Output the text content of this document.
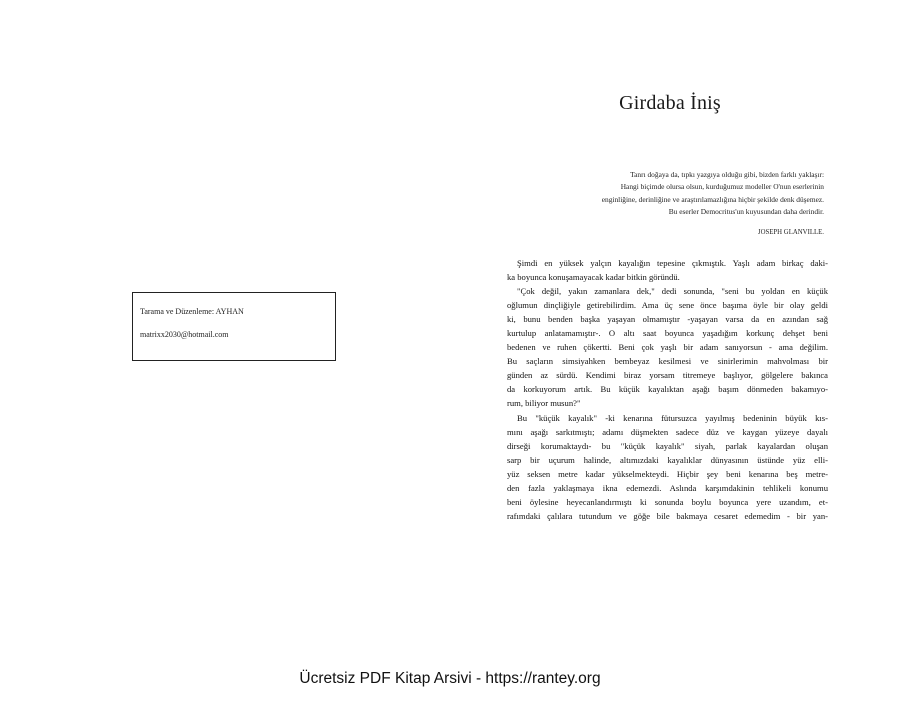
Girdaba İniş
Tanrı doğaya da, tıpkı yazgıya olduğu gibi, bizden farklı yaklaşır:
Hangi biçimde olursa olsun, kurduğumuz modeller O'nun eserlerinin
enginliğine, derinliğine ve araştırılamazlığına hiçbir şekilde denk düşemez.
Bu eserler Democritus'un kuyusundan daha derindir.
JOSEPH GLANVILLE.
Şimdi en yüksek yalçın kayalığın tepesine çıkmıştık. Yaşlı adam birkaç daki-
ka boyunca konuşamayacak kadar bitkin göründü.
"Çok değil, yakın zamanlara dek," dedi sonunda, "seni bu yoldan en küçük
oğlumun dinçliğiyle getirebilirdim. Ama üç sene önce başıma öyle bir olay geldi
ki, bunu benden başka yaşayan olmamıştır -yaşayan varsa da en azından sağ
kurtulup anlatamamıştır-. O altı saat boyunca yaşadığım korkunç dehşet beni
bedenen ve ruhen çökertti. Beni çok yaşlı bir adam sanıyorsun - ama değilim.
Bu saçların simsiyahken bembeyaz kesilmesi ve sinirlerimin mahvolması bir
günden az sürdü. Kendimi biraz yorsam titremeye başlıyor, gölgelere bakınca
da korkuyorum artık. Bu küçük kayalıktan aşağı başım dönmeden bakamıyo-
rum, biliyor musun?"
Bu "küçük kayalık" -ki kenarına fütursuzca yayılmış bedeninin büyük kıs-
mını aşağı sarkıtmıştı; adamı düşmekten sadece düz ve kaygan yüzeye dayalı
dirseği korumaktaydı- bu "küçük kayalık" siyah, parlak kayalardan oluşan
sarp bir uçurum halinde, altımızdaki kayalıklar dünyasının üstünde yüz elli-
yüz seksen metre kadar yükselmekteydi. Hiçbir şey beni kenarına beş metre-
den fazla yaklaşmaya ikna edemezdi. Aslında karşımdakinin tehlikeli konumu
beni öylesine heyecanlandırmıştı ki sonunda boylu boyunca yere uzandım, et-
rafımdaki çalılara tutundum ve göğe bile bakmaya cesaret edemedim - bir yan-
Tarama ve Düzenleme: AYHAN
matrixx2030@hotmail.com
Ücretsiz PDF Kitap Arsivi - https://rantey.org
